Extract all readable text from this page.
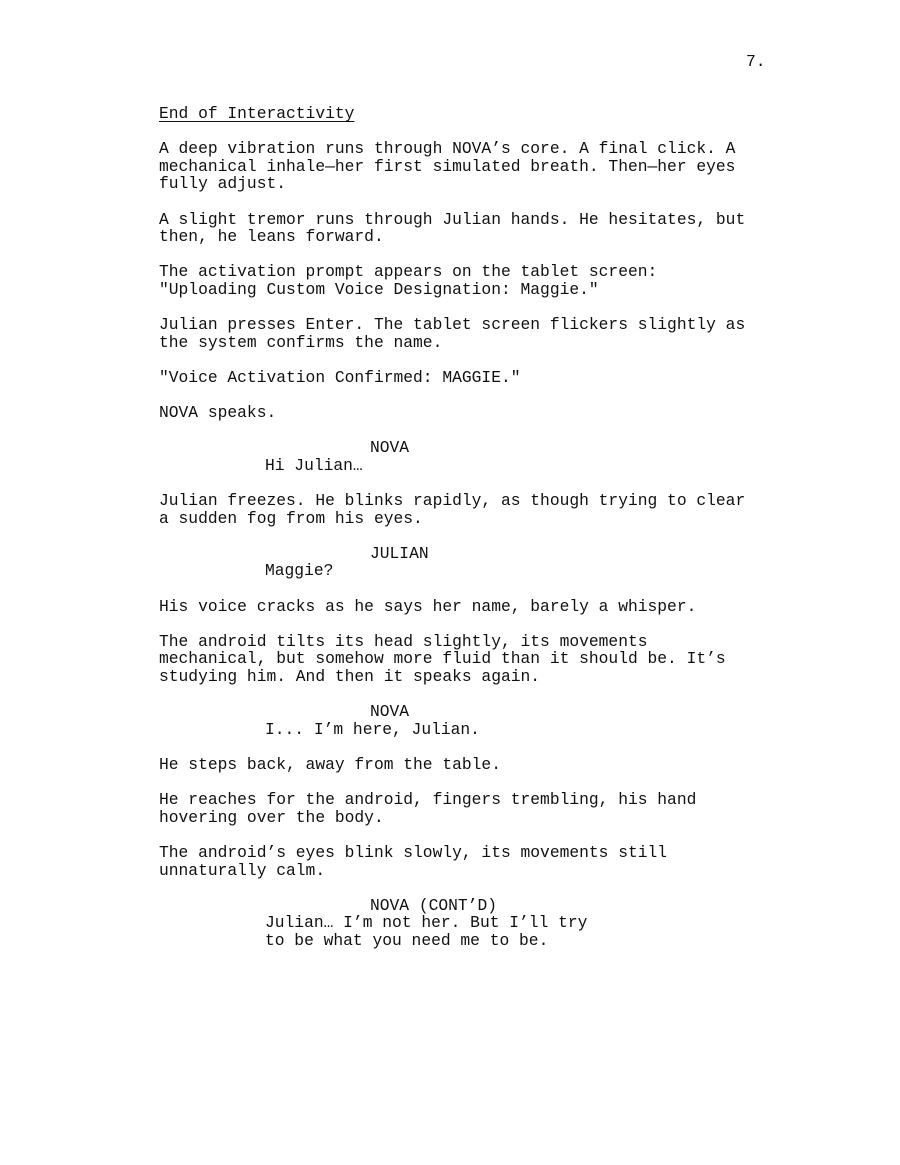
7.

End of Interactivity

A deep vibration runs through NOVA’s core. A final click. A

mechanical inhale—her first simulated breath. Then—her eyes

fully adjust.

A slight tremor runs through Julian hands. He hesitates, but

then, he leans forward.

The activation prompt appears on the tablet screen:

"Uploading Custom Voice Designation: Maggie."

Julian presses Enter. The tablet screen flickers slightly as

the system confirms the name.

"Voice Activation Confirmed: MAGGIE."

NOVA speaks.

NOVA

Hi Julian…

Julian freezes. He blinks rapidly, as though trying to clear

a sudden fog from his eyes.

JULIAN

Maggie?

His voice cracks as he says her name, barely a whisper.

The android tilts its head slightly, its movements

mechanical, but somehow more fluid than it should be. It’s

studying him. And then it speaks again.

NOVA

I... I’m here, Julian.

He steps back, away from the table.

He reaches for the android, fingers trembling, his hand

hovering over the body.

The android’s eyes blink slowly, its movements still

unnaturally calm.

NOVA (CONT’D)

Julian… I’m not her. But I’ll try

to be what you need me to be.
